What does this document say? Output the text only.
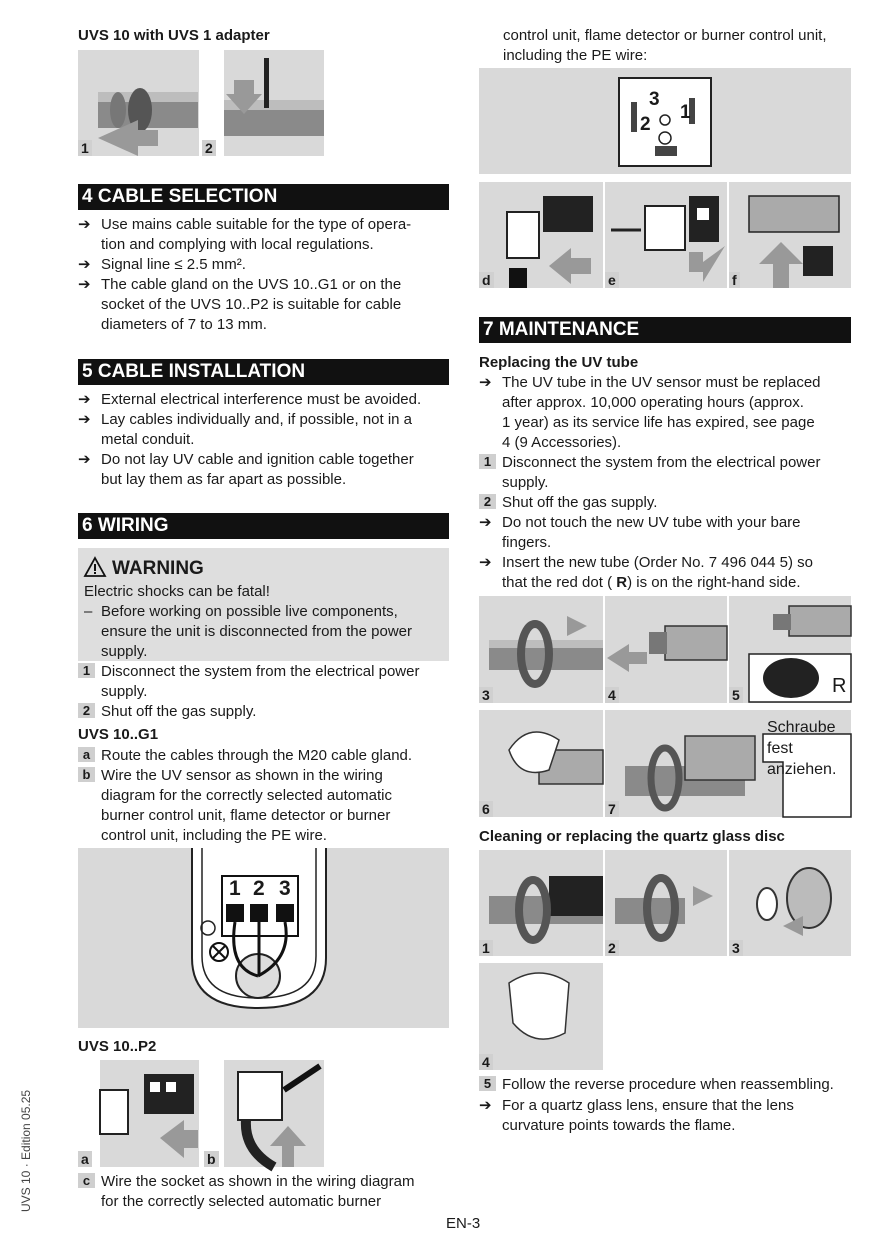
UVS 10 with UVS 1 adapter
1	2
4 CABLE SELECTION
➔ Use mains cable suitable for the type of opera-
tion and complying with local regulations.
➔ Signal line ≤ 2.5 mm².
➔ The cable gland on the UVS 10..G1 or on the
socket of the UVS 10..P2 is suitable for cable
diameters of 7 to 13 mm.
5 CABLE INSTALLATION
➔ External electrical interference must be avoided.
➔ Lay cables individually and, if possible, not in a
metal conduit.
➔ Do not lay UV cable and ignition cable together
but lay them as far apart as possible.
6 WIRING
WARNING
Electric shocks can be fatal!
– Before working on possible live components,
ensure the unit is disconnected from the power
supply.
1 Disconnect the system from the electrical power
supply.
2 Shut off the gas supply.
UVS 10..G1
a Route the cables through the M20 cable gland.
b Wire the UV sensor as shown in the wiring
diagram for the correctly selected automatic
burner control unit, flame detector or burner
control unit, including the PE wire.
1 2 3
UVS 10..P2
a	b
c Wire the socket as shown in the wiring diagram
for the correctly selected automatic burner
control unit, flame detector or burner control unit,
including the PE wire:
3
1
2
d	e	f
7 MAINTENANCE
Replacing the UV tube
➔ The UV tube in the UV sensor must be replaced
after approx. 10,000 operating hours (approx.
1 year) as its service life has expired, see page
4 (9 Accessories).
1 Disconnect the system from the electrical power
supply.
2 Shut off the gas supply.
➔ Do not touch the new UV tube with your bare
fingers.
➔ Insert the new tube (Order No. 7 496 044 5) so
that the red dot ( R) is on the right-hand side.
3	4	R
5
6
Schraube
fest
anziehen.
7
Cleaning or replacing the quartz glass disc
1	2	3
4
5 Follow the reverse procedure when reassembling.
➔ For a quartz glass lens, ensure that the lens
curvature points towards the flame.
EN-3
UVS 10 · Edition 05.25
